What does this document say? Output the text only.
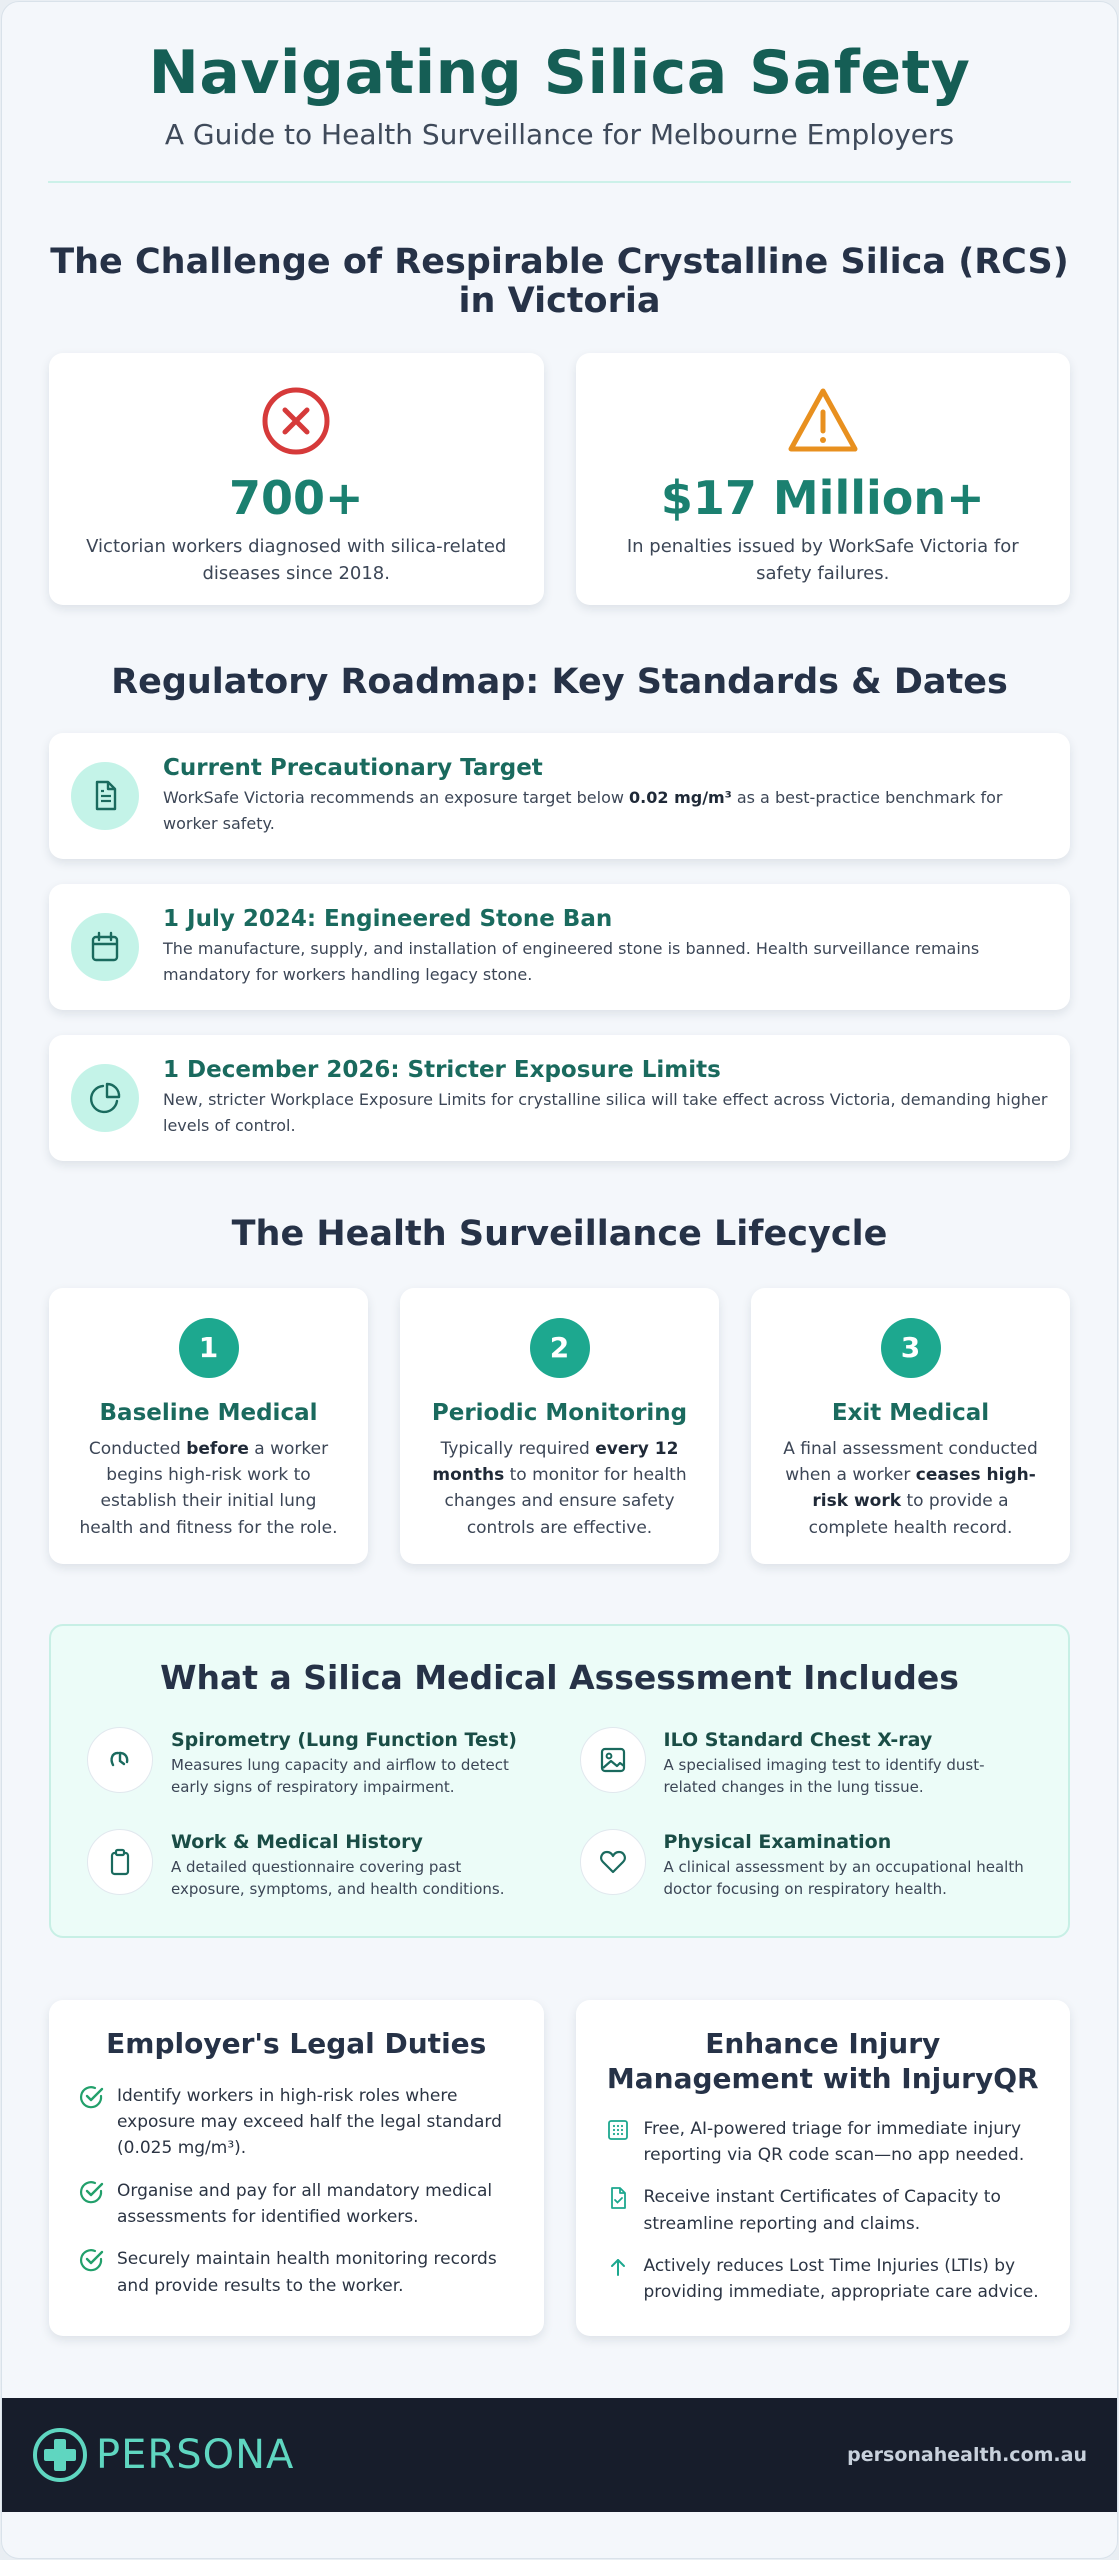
Navigating Silica Safety
A Guide to Health Surveillance for Melbourne Employers
The Challenge of Respirable Crystalline Silica (RCS) in Victoria
700+
Victorian workers diagnosed with silica-related diseases since 2018.
$17 Million+
In penalties issued by WorkSafe Victoria for safety failures.
Regulatory Roadmap: Key Standards & Dates
Current Precautionary Target
WorkSafe Victoria recommends an exposure target below 0.02 mg/m³ as a best-practice benchmark for worker safety.
1 July 2024: Engineered Stone Ban
The manufacture, supply, and installation of engineered stone is banned. Health surveillance remains mandatory for workers handling legacy stone.
1 December 2026: Stricter Exposure Limits
New, stricter Workplace Exposure Limits for crystalline silica will take effect across Victoria, demanding higher levels of control.
The Health Surveillance Lifecycle
1
Baseline Medical
Conducted before a worker begins high-risk work to establish their initial lung health and fitness for the role.
2
Periodic Monitoring
Typically required every 12 months to monitor for health changes and ensure safety controls are effective.
3
Exit Medical
A final assessment conducted when a worker ceases high-risk work to provide a complete health record.
What a Silica Medical Assessment Includes
Spirometry (Lung Function Test)
Measures lung capacity and airflow to detect early signs of respiratory impairment.
ILO Standard Chest X-ray
A specialised imaging test to identify dust-related changes in the lung tissue.
Work & Medical History
A detailed questionnaire covering past exposure, symptoms, and health conditions.
Physical Examination
A clinical assessment by an occupational health doctor focusing on respiratory health.
Employer's Legal Duties
Identify workers in high-risk roles where exposure may exceed half the legal standard (0.025 mg/m³).
Organise and pay for all mandatory medical assessments for identified workers.
Securely maintain health monitoring records and provide results to the worker.
Enhance Injury Management with InjuryQR
Free, AI-powered triage for immediate injury reporting via QR code scan—no app needed.
Receive instant Certificates of Capacity to streamline reporting and claims.
Actively reduces Lost Time Injuries (LTIs) by providing immediate, appropriate care advice.
PERSONA	personahealth.com.au
